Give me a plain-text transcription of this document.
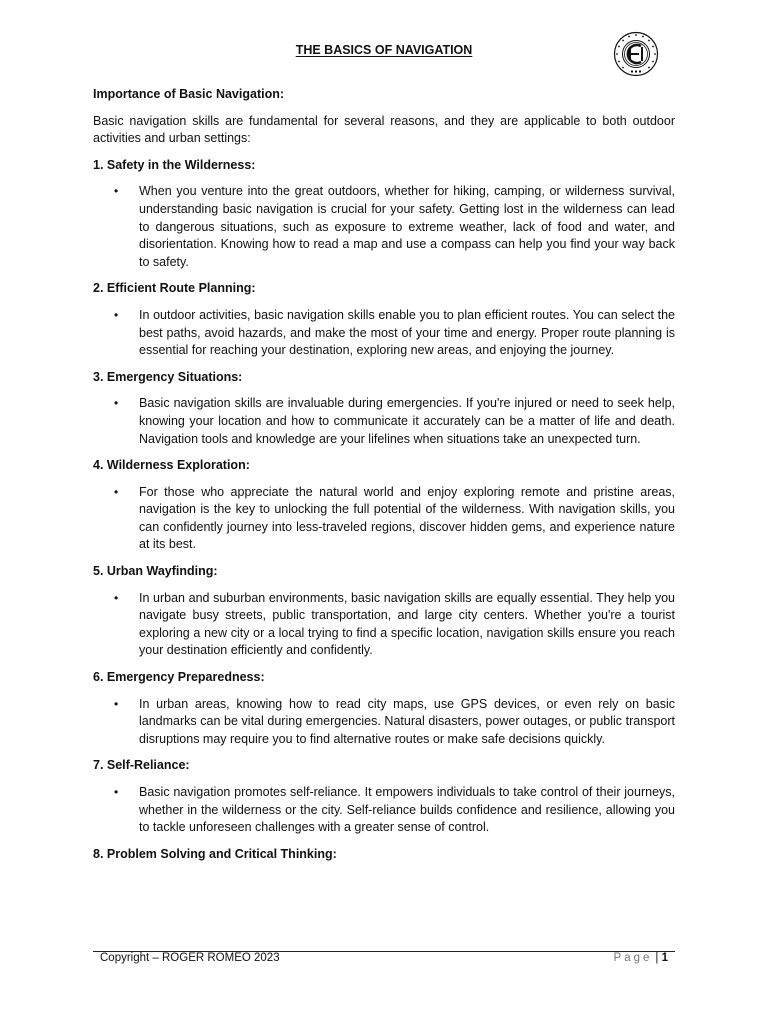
THE BASICS OF NAVIGATION

Importance of Basic Navigation:

Basic navigation skills are fundamental for several reasons, and they are applicable to both outdoor activities and urban settings:

1. Safety in the Wilderness:

• When you venture into the great outdoors, whether for hiking, camping, or wilderness survival, understanding basic navigation is crucial for your safety. Getting lost in the wilderness can lead to dangerous situations, such as exposure to extreme weather, lack of food and water, and disorientation. Knowing how to read a map and use a compass can help you find your way back to safety.

2. Efficient Route Planning:

• In outdoor activities, basic navigation skills enable you to plan efficient routes. You can select the best paths, avoid hazards, and make the most of your time and energy. Proper route planning is essential for reaching your destination, exploring new areas, and enjoying the journey.

3. Emergency Situations:

• Basic navigation skills are invaluable during emergencies. If you're injured or need to seek help, knowing your location and how to communicate it accurately can be a matter of life and death. Navigation tools and knowledge are your lifelines when situations take an unexpected turn.

4. Wilderness Exploration:

• For those who appreciate the natural world and enjoy exploring remote and pristine areas, navigation is the key to unlocking the full potential of the wilderness. With navigation skills, you can confidently journey into less-traveled regions, discover hidden gems, and experience nature at its best.

5. Urban Wayfinding:

• In urban and suburban environments, basic navigation skills are equally essential. They help you navigate busy streets, public transportation, and large city centers. Whether you're a tourist exploring a new city or a local trying to find a specific location, navigation skills ensure you reach your destination efficiently and confidently.

6. Emergency Preparedness:

• In urban areas, knowing how to read city maps, use GPS devices, or even rely on basic landmarks can be vital during emergencies. Natural disasters, power outages, or public transport disruptions may require you to find alternative routes or make safe decisions quickly.

7. Self-Reliance:

• Basic navigation promotes self-reliance. It empowers individuals to take control of their journeys, whether in the wilderness or the city. Self-reliance builds confidence and resilience, allowing you to tackle unforeseen challenges with a greater sense of control.

8. Problem Solving and Critical Thinking:

Copyright – ROGER ROMEO 2023	Page | 1
